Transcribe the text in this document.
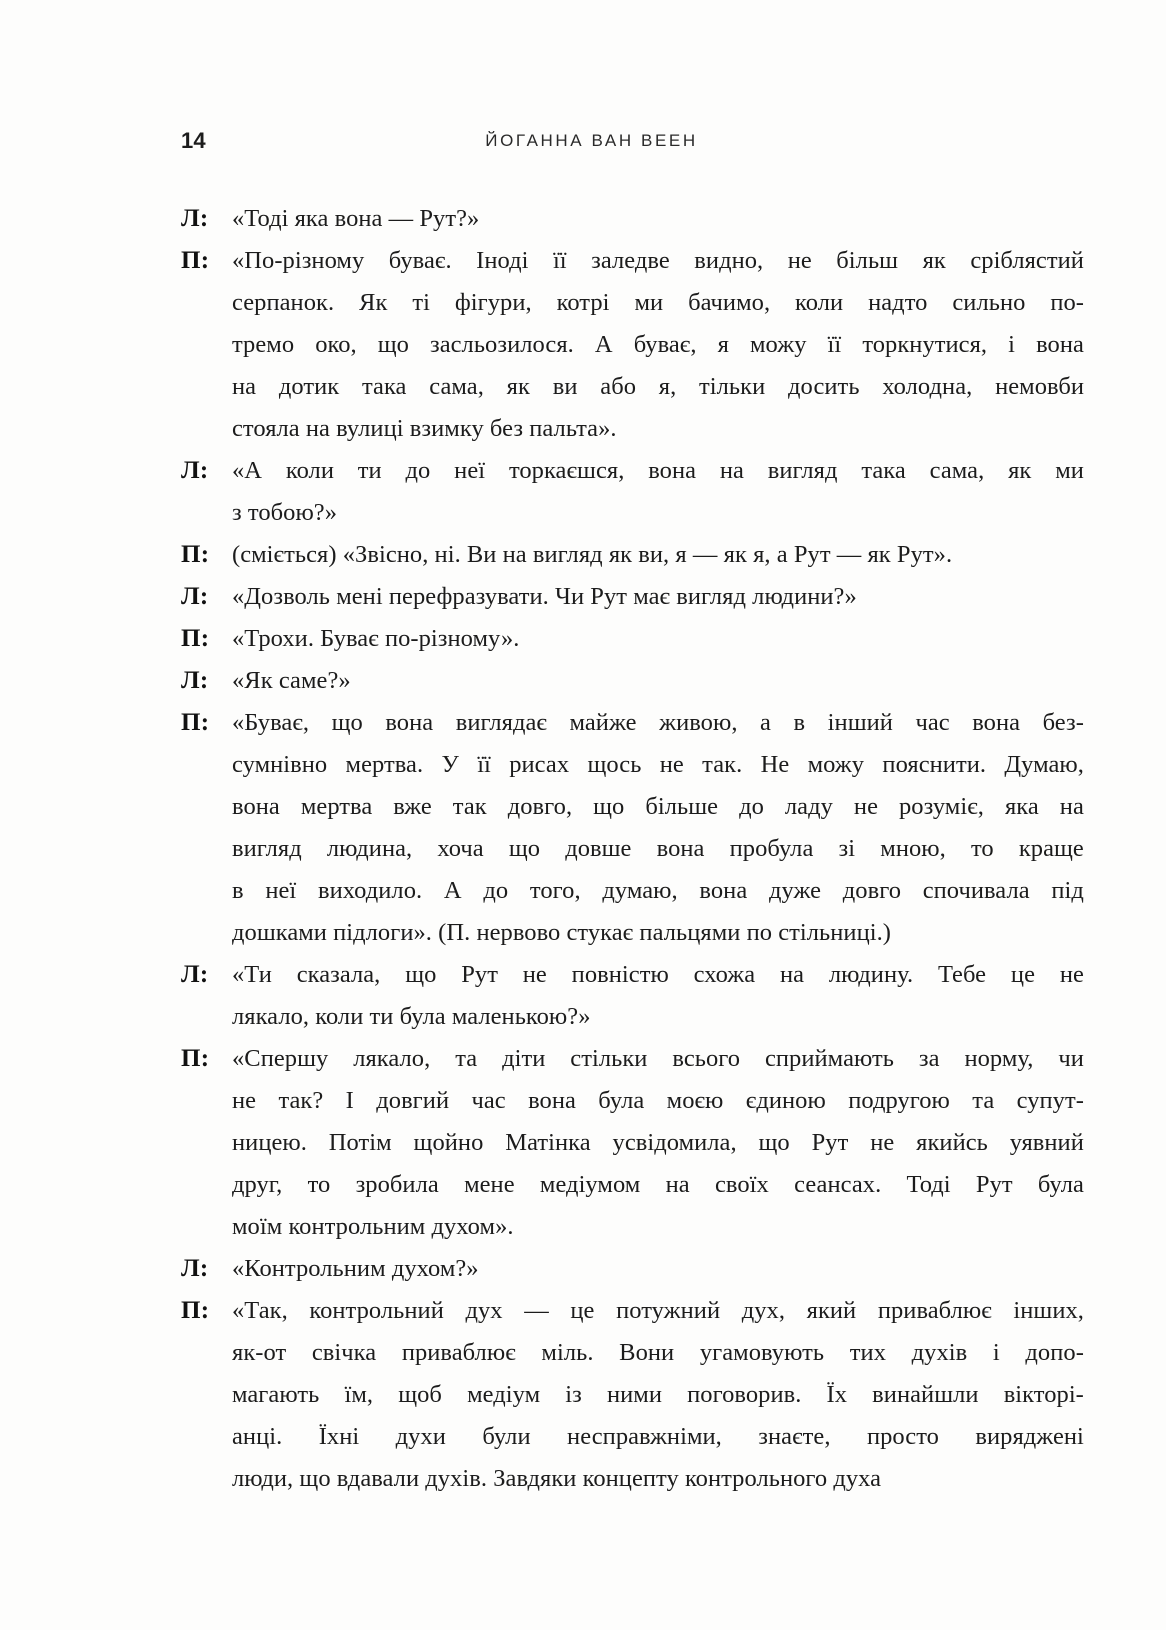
14	ЙОГАННА ВАН ВЕЕН
Л: «Тоді яка вона — Рут?»
П: «По-різному буває. Іноді її заледве видно, не більш як сріблястий
серпанок. Як ті фігури, котрі ми бачимо, коли надто сильно по-
тремо око, що засльозилося. А буває, я можу її торкнутися, і вона
на дотик така сама, як ви або я, тільки досить холодна, немовби
стояла на вулиці взимку без пальта».
Л: «А коли ти до неї торкаєшся, вона на вигляд така сама, як ми
з тобою?»
П: (сміється) «Звісно, ні. Ви на вигляд як ви, я — як я, а Рут — як Рут».
Л: «Дозволь мені перефразувати. Чи Рут має вигляд людини?»
П: «Трохи. Буває по-різному».
Л: «Як саме?»
П: «Буває, що вона виглядає майже живою, а в інший час вона без-
сумнівно мертва. У її рисах щось не так. Не можу пояснити. Думаю,
вона мертва вже так довго, що більше до ладу не розуміє, яка на
вигляд людина, хоча що довше вона пробула зі мною, то краще
в неї виходило. А до того, думаю, вона дуже довго спочивала під
дошками підлоги». (П. нервово стукає пальцями по стільниці.)
Л: «Ти сказала, що Рут не повністю схожа на людину. Тебе це не
лякало, коли ти була маленькою?»
П: «Спершу лякало, та діти стільки всього сприймають за норму, чи
не так? І довгий час вона була моєю єдиною подругою та супут-
ницею. Потім щойно Матінка усвідомила, що Рут не якийсь уявний
друг, то зробила мене медіумом на своїх сеансах. Тоді Рут була
моїм контрольним духом».
Л: «Контрольним духом?»
П: «Так, контрольний дух — це потужний дух, який приваблює інших,
як-от свічка приваблює міль. Вони угамовують тих духів і допо-
магають їм, щоб медіум із ними поговорив. Їх винайшли вікторі-
анці. Їхні духи були несправжніми, знаєте, просто виряджені
люди, що вдавали духів. Завдяки концепту контрольного духа
